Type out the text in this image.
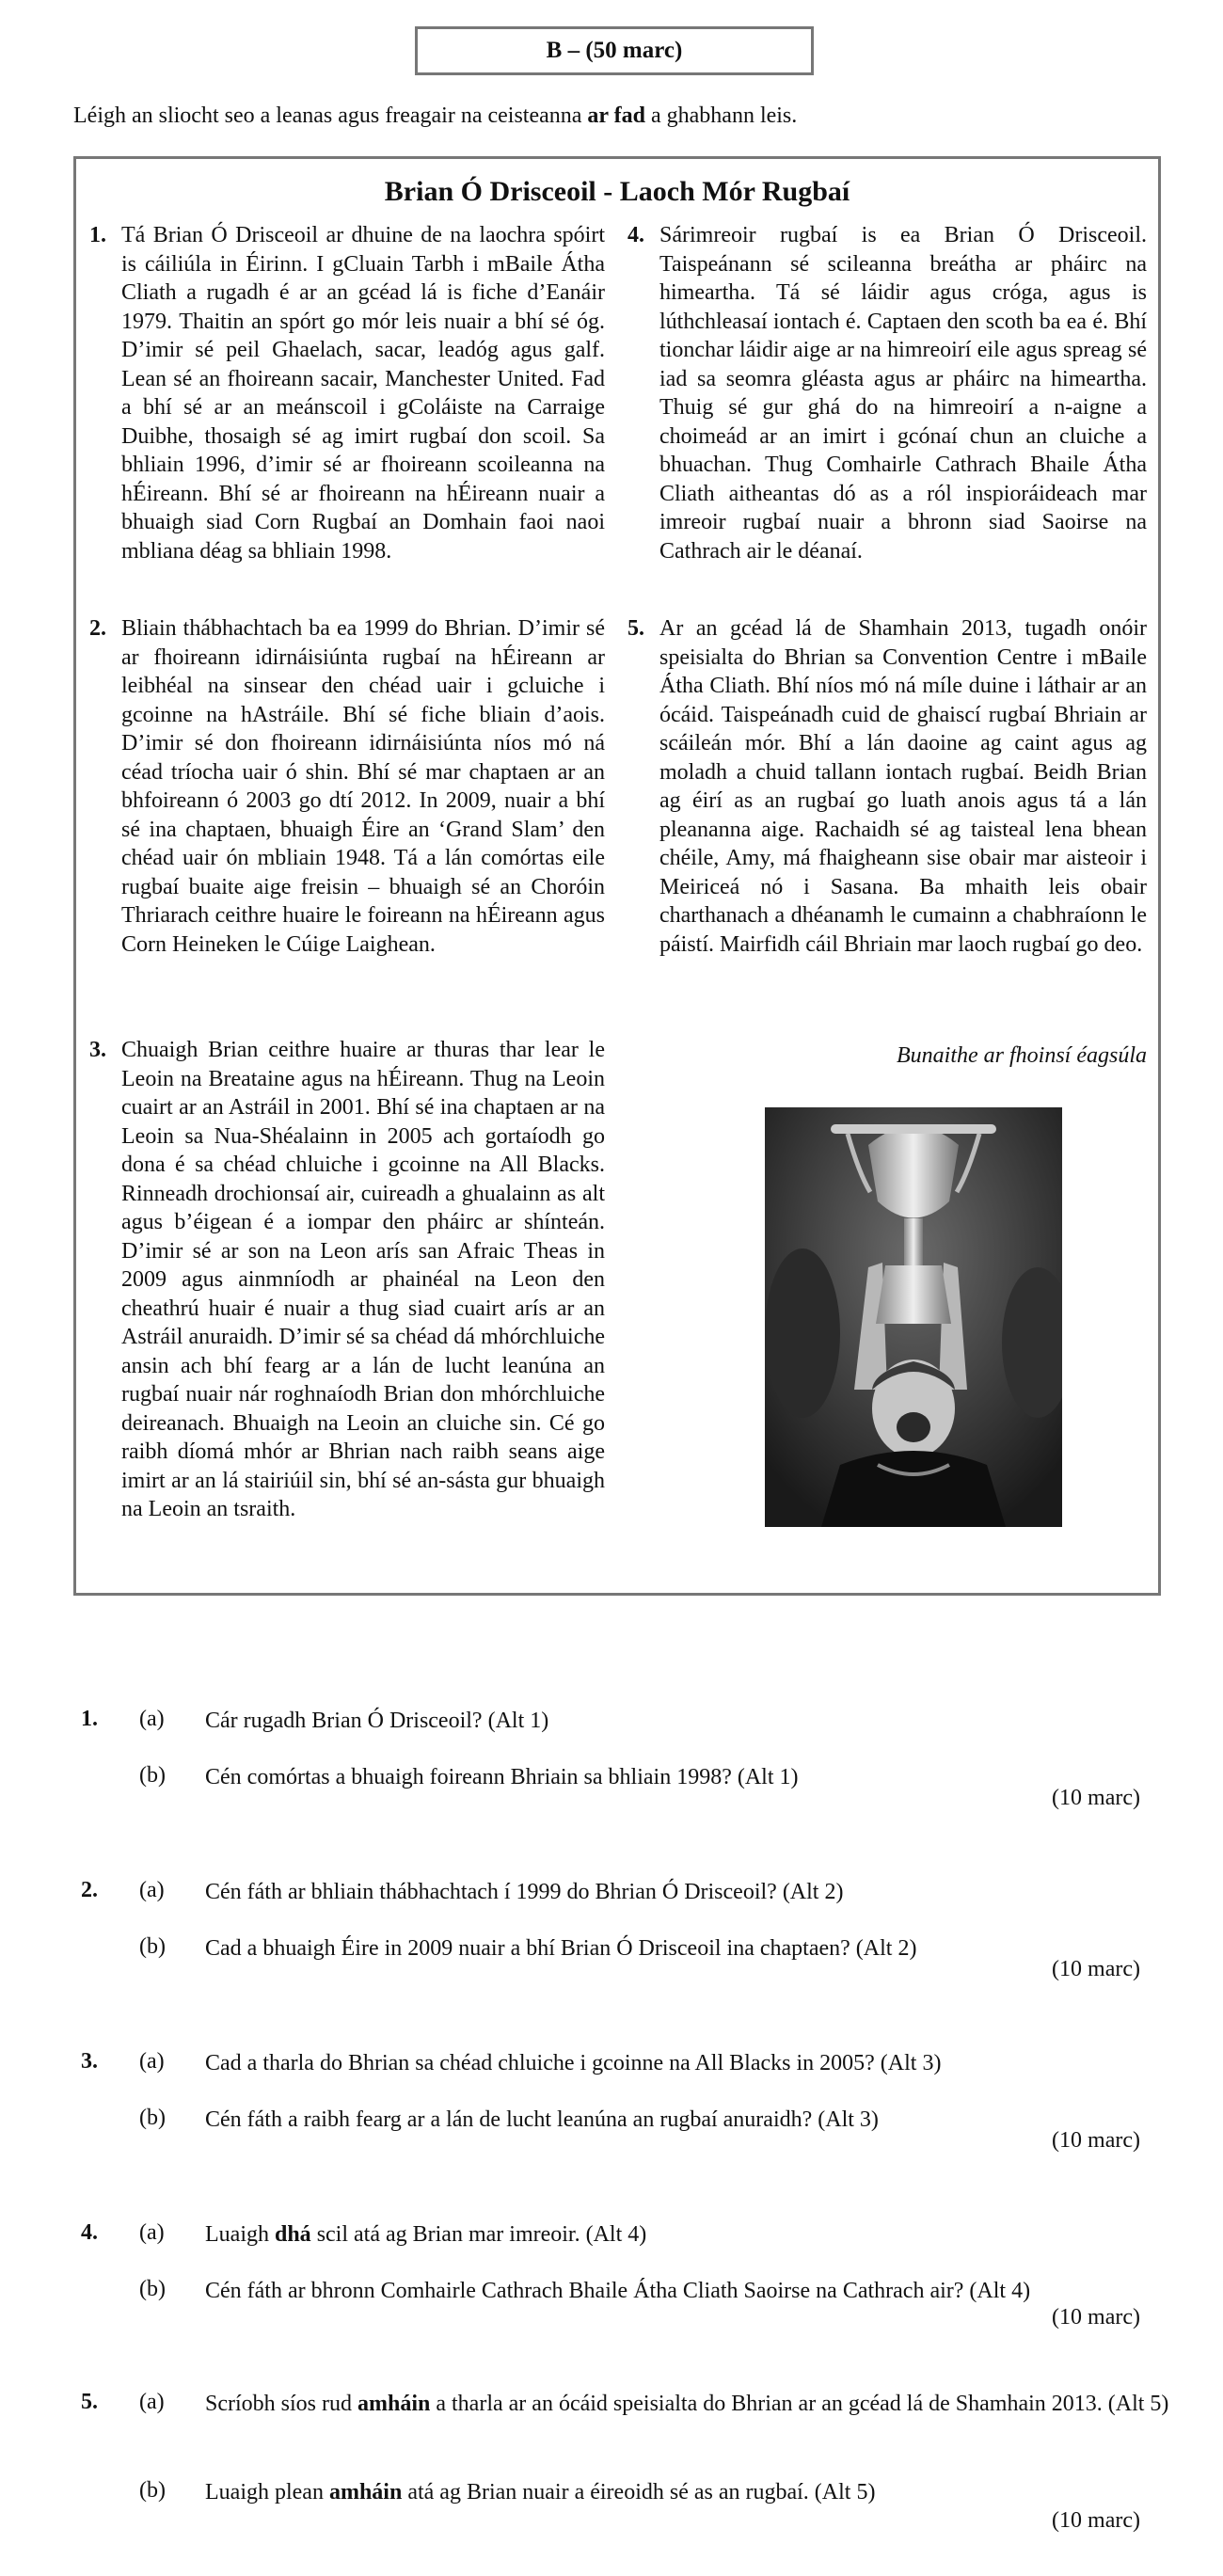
B – (50 marc)
Léigh an sliocht seo a leanas agus freagair na ceisteanna ar fad a ghabhann leis.
Brian Ó Drisceoil - Laoch Mór Rugbaí
1. Tá Brian Ó Drisceoil ar dhuine de na laochra spóirt is cáiliúla in Éirinn. I gCluain Tarbh i mBaile Átha Cliath a rugadh é ar an gcéad lá is fiche d’Eanáir 1979. Thaitin an spórt go mór leis nuair a bhí sé óg. D’imir sé peil Ghaelach, sacar, leadóg agus galf. Lean sé an fhoireann sacair, Manchester United. Fad a bhí sé ar an meánscoil i gColáiste na Carraige Duibhe, thosaigh sé ag imirt rugbaí don scoil. Sa bhliain 1996, d’imir sé ar fhoireann scoileanna na hÉireann. Bhí sé ar fhoireann na hÉireann nuair a bhuaigh siad Corn Rugbaí an Domhain faoi naoi mbliana déag sa bhliain 1998.
2. Bliain thábhachtach ba ea 1999 do Bhrian. D’imir sé ar fhoireann idirnáisiúnta rugbaí na hÉireann ar leibhéal na sinsear den chéad uair i gcluiche i gcoinne na hAstráile. Bhí sé fiche bliain d’aois. D’imir sé don fhoireann idirnáisiúnta níos mó ná céad tríocha uair ó shin. Bhí sé mar chaptaen ar an bhfoireann ó 2003 go dtí 2012. In 2009, nuair a bhí sé ina chaptaen, bhuaigh Éire an ‘Grand Slam’ den chéad uair ón mbliain 1948. Tá a lán comórtas eile rugbaí buaite aige freisin – bhuaigh sé an Choróin Thriarach ceithre huaire le foireann na hÉireann agus Corn Heineken le Cúige Laighean.
3. Chuaigh Brian ceithre huaire ar thuras thar lear le Leoin na Breataine agus na hÉireann. Thug na Leoin cuairt ar an Astráil in 2001. Bhí sé ina chaptaen ar na Leoin sa Nua-Shéalainn in 2005 ach gortaíodh go dona é sa chéad chluiche i gcoinne na All Blacks. Rinneadh drochionsaí air, cuireadh a ghualainn as alt agus b’éigean é a iompar den pháirc ar shínteán. D’imir sé ar son na Leon arís san Afraic Theas in 2009 agus ainmníodh ar phainéal na Leon den cheathrú huair é nuair a thug siad cuairt arís ar an Astráil anuraidh. D’imir sé sa chéad dá mhórchluiche ansin ach bhí fearg ar a lán de lucht leanúna an rugbaí nuair nár roghnaíodh Brian don mhórchluiche deireanach. Bhuaigh na Leoin an cluiche sin. Cé go raibh díomá mhór ar Bhrian nach raibh seans aige imirt ar an lá stairiúil sin, bhí sé an-sásta gur bhuaigh na Leoin an tsraith.
4. Sárimreoir rugbaí is ea Brian Ó Drisceoil. Taispeánann sé scileanna breátha ar pháirc na himeartha. Tá sé láidir agus cróga, agus is lúthchleasaí iontach é. Captaen den scoth ba ea é. Bhí tionchar láidir aige ar na himreoirí eile agus spreag sé iad sa seomra gléasta agus ar pháirc na himeartha. Thuig sé gur ghá do na himreoirí a n-aigne a choimeád ar an imirt i gcónaí chun an cluiche a bhuachan. Thug Comhairle Cathrach Bhaile Átha Cliath aitheantas dó as a ról inspioráideach mar imreoir rugbaí nuair a bhronn siad Saoirse na Cathrach air le déanaí.
5. Ar an gcéad lá de Shamhain 2013, tugadh onóir speisialta do Bhrian sa Convention Centre i mBaile Átha Cliath. Bhí níos mó ná míle duine i láthair ar an ócáid. Taispeánadh cuid de ghaiscí rugbaí Bhriain ar scáileán mór. Bhí a lán daoine ag caint agus ag moladh a chuid tallann iontach rugbaí. Beidh Brian ag éirí as an rugbaí go luath anois agus tá a lán pleananna aige. Rachaidh sé ag taisteal lena bhean chéile, Amy, má fhaigheann sise obair mar aisteoir i Meiriceá nó i Sasana. Ba mhaith leis obair charthanach a dhéanamh le cumainn a chabhraíonn le páistí. Mairfidh cáil Bhriain mar laoch rugbaí go deo.
Bunaithe ar fhoinsí éagsúla
1. (a) Cár rugadh Brian Ó Drisceoil? (Alt 1)
(b) Cén comórtas a bhuaigh foireann Bhriain sa bhliain 1998? (Alt 1)
(10 marc)
2. (a) Cén fáth ar bhliain thábhachtach í 1999 do Bhrian Ó Drisceoil? (Alt 2)
(b) Cad a bhuaigh Éire in 2009 nuair a bhí Brian Ó Drisceoil ina chaptaen? (Alt 2)
(10 marc)
3. (a) Cad a tharla do Bhrian sa chéad chluiche i gcoinne na All Blacks in 2005? (Alt 3)
(b) Cén fáth a raibh fearg ar a lán de lucht leanúna an rugbaí anuraidh? (Alt 3)
(10 marc)
4. (a) Luaigh dhá scil atá ag Brian mar imreoir. (Alt 4)
(b) Cén fáth ar bhronn Comhairle Cathrach Bhaile Átha Cliath Saoirse na Cathrach air? (Alt 4)
(10 marc)
5. (a) Scríobh síos rud amháin a tharla ar an ócáid speisialta do Bhrian ar an gcéad lá de Shamhain 2013. (Alt 5)
(b) Luaigh plean amháin atá ag Brian nuair a éireoidh sé as an rugbaí. (Alt 5)
(10 marc)
